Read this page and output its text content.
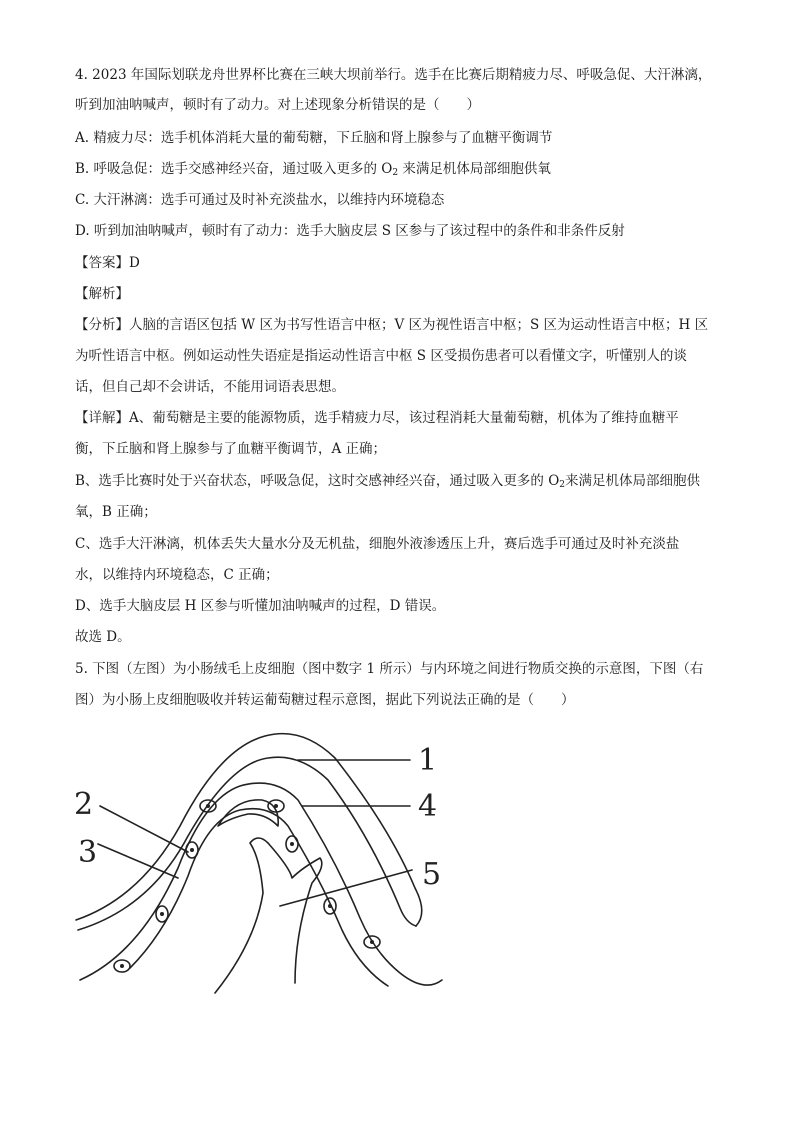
4. 2023 年国际划联龙舟世界杯比赛在三峡大坝前举行。选手在比赛后期精疲力尽、呼吸急促、大汗淋漓，
听到加油呐喊声，顿时有了动力。对上述现象分析错误的是（　　）
A. 精疲力尽：选手机体消耗大量的葡萄糖，下丘脑和肾上腺参与了血糖平衡调节
B. 呼吸急促：选手交感神经兴奋，通过吸入更多的 $O_2$ 来满足机体局部细胞供氧
C. 大汗淋漓：选手可通过及时补充淡盐水，以维持内环境稳态
D. 听到加油呐喊声，顿时有了动力：选手大脑皮层 S 区参与了该过程中的条件和非条件反射
【答案】D
【解析】
【分析】人脑的言语区包括 W 区为书写性语言中枢；V 区为视性语言中枢；S 区为运动性语言中枢；H 区
为听性语言中枢。例如运动性失语症是指运动性语言中枢 S 区受损伤患者可以看懂文字，听懂别人的谈
话，但自己却不会讲话，不能用词语表思想。
【详解】A、葡萄糖是主要的能源物质，选手精疲力尽，该过程消耗大量葡萄糖，机体为了维持血糖平
衡，下丘脑和肾上腺参与了血糖平衡调节，A 正确；
B、选手比赛时处于兴奋状态，呼吸急促，这时交感神经兴奋，通过吸入更多的 $O_2$来满足机体局部细胞供
氧，B 正确；
C、选手大汗淋漓，机体丢失大量水分及无机盐，细胞外液渗透压上升，赛后选手可通过及时补充淡盐
水，以维持内环境稳态，C 正确；
D、选手大脑皮层 H 区参与听懂加油呐喊声的过程，D 错误。
故选 D。
5. 下图（左图）为小肠绒毛上皮细胞（图中数字 1 所示）与内环境之间进行物质交换的示意图，下图（右
图）为小肠上皮细胞吸收并转运葡萄糖过程示意图，据此下列说法正确的是（　　）
1
2
3
4
5
